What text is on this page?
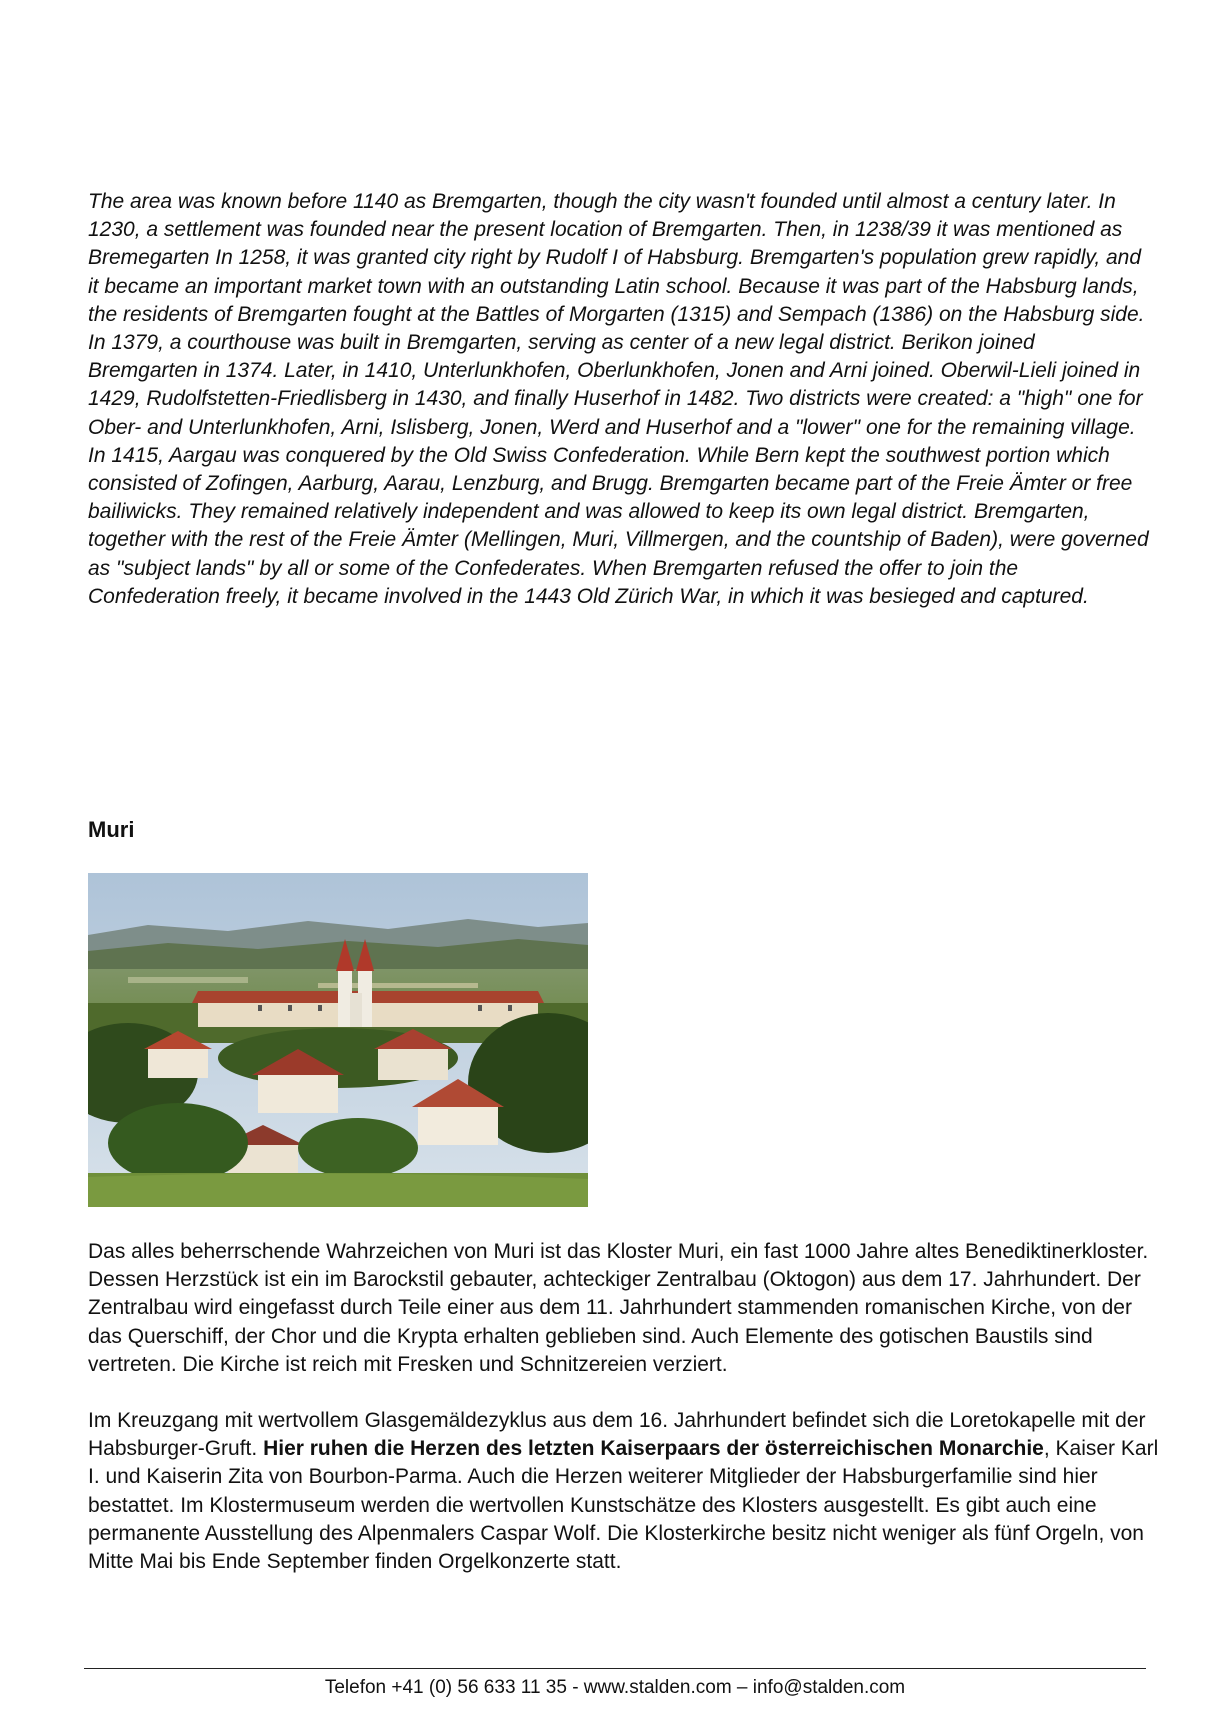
The area was known before 1140 as Bremgarten, though the city wasn't founded until almost a century later. In 1230, a settlement was founded near the present location of Bremgarten. Then, in 1238/39 it was mentioned as Bremegarten In 1258, it was granted city right by Rudolf I of Habsburg. Bremgarten's population grew rapidly, and it became an important market town with an outstanding Latin school. Because it was part of the Habsburg lands, the residents of Bremgarten fought at the Battles of Morgarten (1315) and Sempach (1386) on the Habsburg side.

In 1379, a courthouse was built in Bremgarten, serving as center of a new legal district. Berikon joined Bremgarten in 1374. Later, in 1410, Unterlunkhofen, Oberlunkhofen, Jonen and Arni joined. Oberwil-Lieli joined in 1429, Rudolfstetten-Friedlisberg in 1430, and finally Huserhof in 1482. Two districts were created: a "high" one for Ober- and Unterlunkhofen, Arni, Islisberg, Jonen, Werd and Huserhof and a "lower" one for the remaining village.

In 1415, Aargau was conquered by the Old Swiss Confederation. While Bern kept the southwest portion which consisted of Zofingen, Aarburg, Aarau, Lenzburg, and Brugg. Bremgarten became part of the Freie Ämter or free bailiwicks. They remained relatively independent and was allowed to keep its own legal district. Bremgarten, together with the rest of the Freie Ämter (Mellingen, Muri, Villmergen, and the countship of Baden), were governed as "subject lands" by all or some of the Confederates. When Bremgarten refused the offer to join the Confederation freely, it became involved in the 1443 Old Zürich War, in which it was besieged and captured.

Muri

Das alles beherrschende Wahrzeichen von Muri ist das Kloster Muri, ein fast 1000 Jahre altes Benediktinerkloster. Dessen Herzstück ist ein im Barockstil gebauter, achteckiger Zentralbau (Oktogon) aus dem 17. Jahrhundert. Der Zentralbau wird eingefasst durch Teile einer aus dem 11. Jahrhundert stammenden romanischen Kirche, von der das Querschiff, der Chor und die Krypta erhalten geblieben sind. Auch Elemente des gotischen Baustils sind vertreten. Die Kirche ist reich mit Fresken und Schnitzereien verziert.

Im Kreuzgang mit wertvollem Glasgemäldezyklus aus dem 16. Jahrhundert befindet sich die Loretokapelle mit der Habsburger-Gruft. Hier ruhen die Herzen des letzten Kaiserpaars der österreichischen Monarchie, Kaiser Karl I. und Kaiserin Zita von Bourbon-Parma. Auch die Herzen weiterer Mitglieder der Habsburgerfamilie sind hier bestattet. Im Klostermuseum werden die wertvollen Kunstschätze des Klosters ausgestellt. Es gibt auch eine permanente Ausstellung des Alpenmalers Caspar Wolf. Die Klosterkirche besitz nicht weniger als fünf Orgeln, von Mitte Mai bis Ende September finden Orgelkonzerte statt.

Telefon +41 (0) 56 633 11 35 - www.stalden.com – info@stalden.com
